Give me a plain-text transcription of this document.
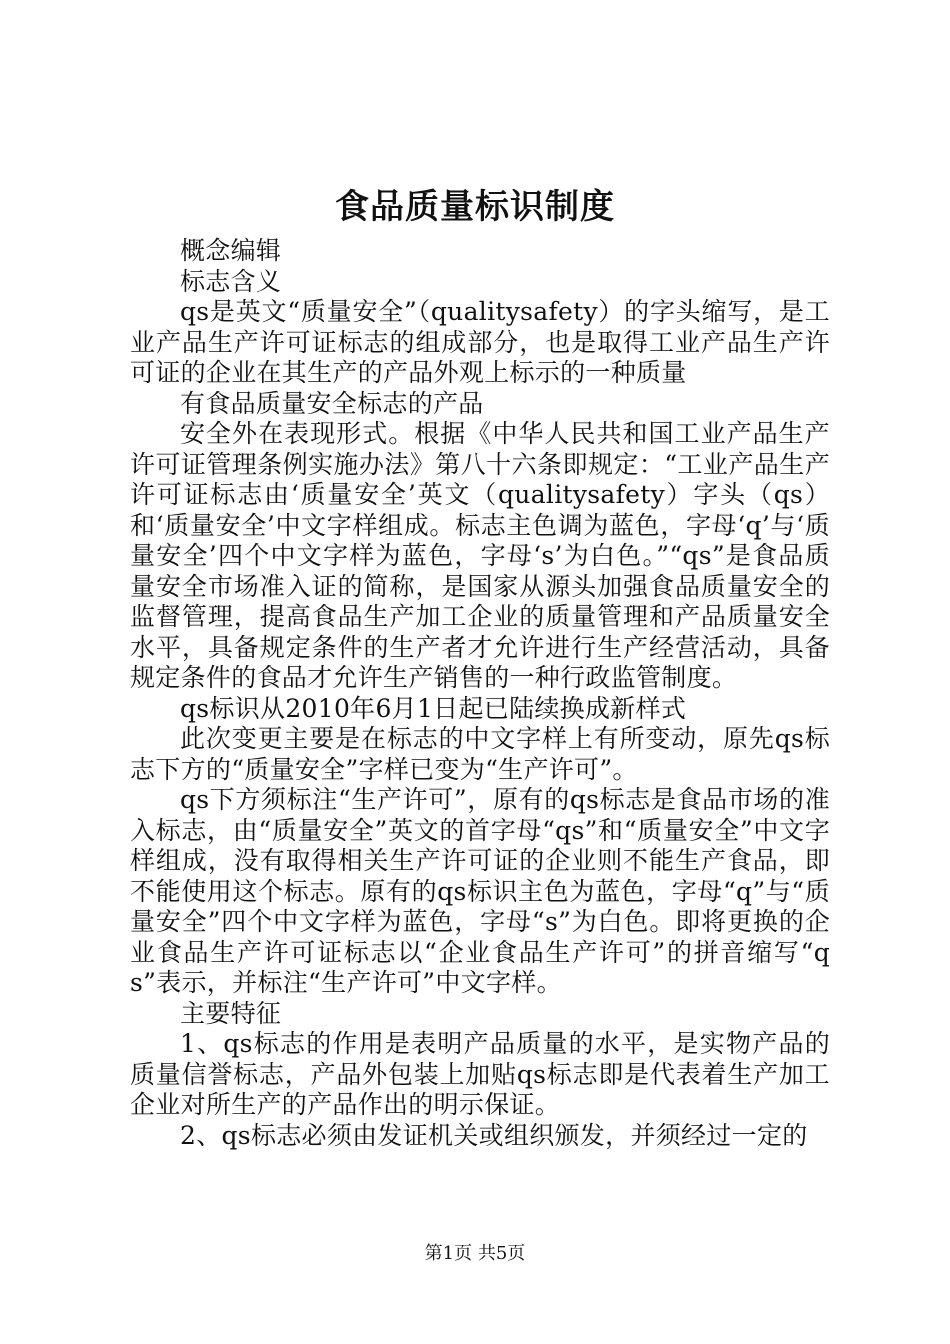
食品质量标识制度

概念编辑

标志含义

qs是英文“质量安全”（qualitysafety）的字头缩写，是工业产品生产许可证标志的组成部分，也是取得工业产品生产许可证的企业在其生产的产品外观上标示的一种质量

有食品质量安全标志的产品

安全外在表现形式。根据《中华人民共和国工业产品生产许可证管理条例实施办法》第八十六条即规定：“工业产品生产许可证标志由‘质量安全’英文（qualitysafety）字头（qs）和‘质量安全’中文字样组成。标志主色调为蓝色，字母‘q’与‘质量安全’四个中文字样为蓝色，字母‘s’为白色。”“qs”是食品质量安全市场准入证的简称，是国家从源头加强食品质量安全的监督管理，提高食品生产加工企业的质量管理和产品质量安全水平，具备规定条件的生产者才允许进行生产经营活动，具备规定条件的食品才允许生产销售的一种行政监管制度。

qs标识从2010年6月1日起已陆续换成新样式

此次变更主要是在标志的中文字样上有所变动，原先qs标志下方的“质量安全”字样已变为“生产许可”。

qs下方须标注“生产许可”，原有的qs标志是食品市场的准入标志，由“质量安全”英文的首字母“qs”和“质量安全”中文字样组成，没有取得相关生产许可证的企业则不能生产食品，即不能使用这个标志。原有的qs标识主色为蓝色，字母“q”与“质量安全”四个中文字样为蓝色，字母“s”为白色。即将更换的企业食品生产许可证标志以“企业食品生产许可”的拼音缩写“qs”表示，并标注“生产许可”中文字样。

主要特征

1、qs标志的作用是表明产品质量的水平，是实物产品的质量信誉标志，产品外包装上加贴qs标志即是代表着生产加工企业对所生产的产品作出的明示保证。

2、qs标志必须由发证机关或组织颁发，并须经过一定的

第1页 共5页
